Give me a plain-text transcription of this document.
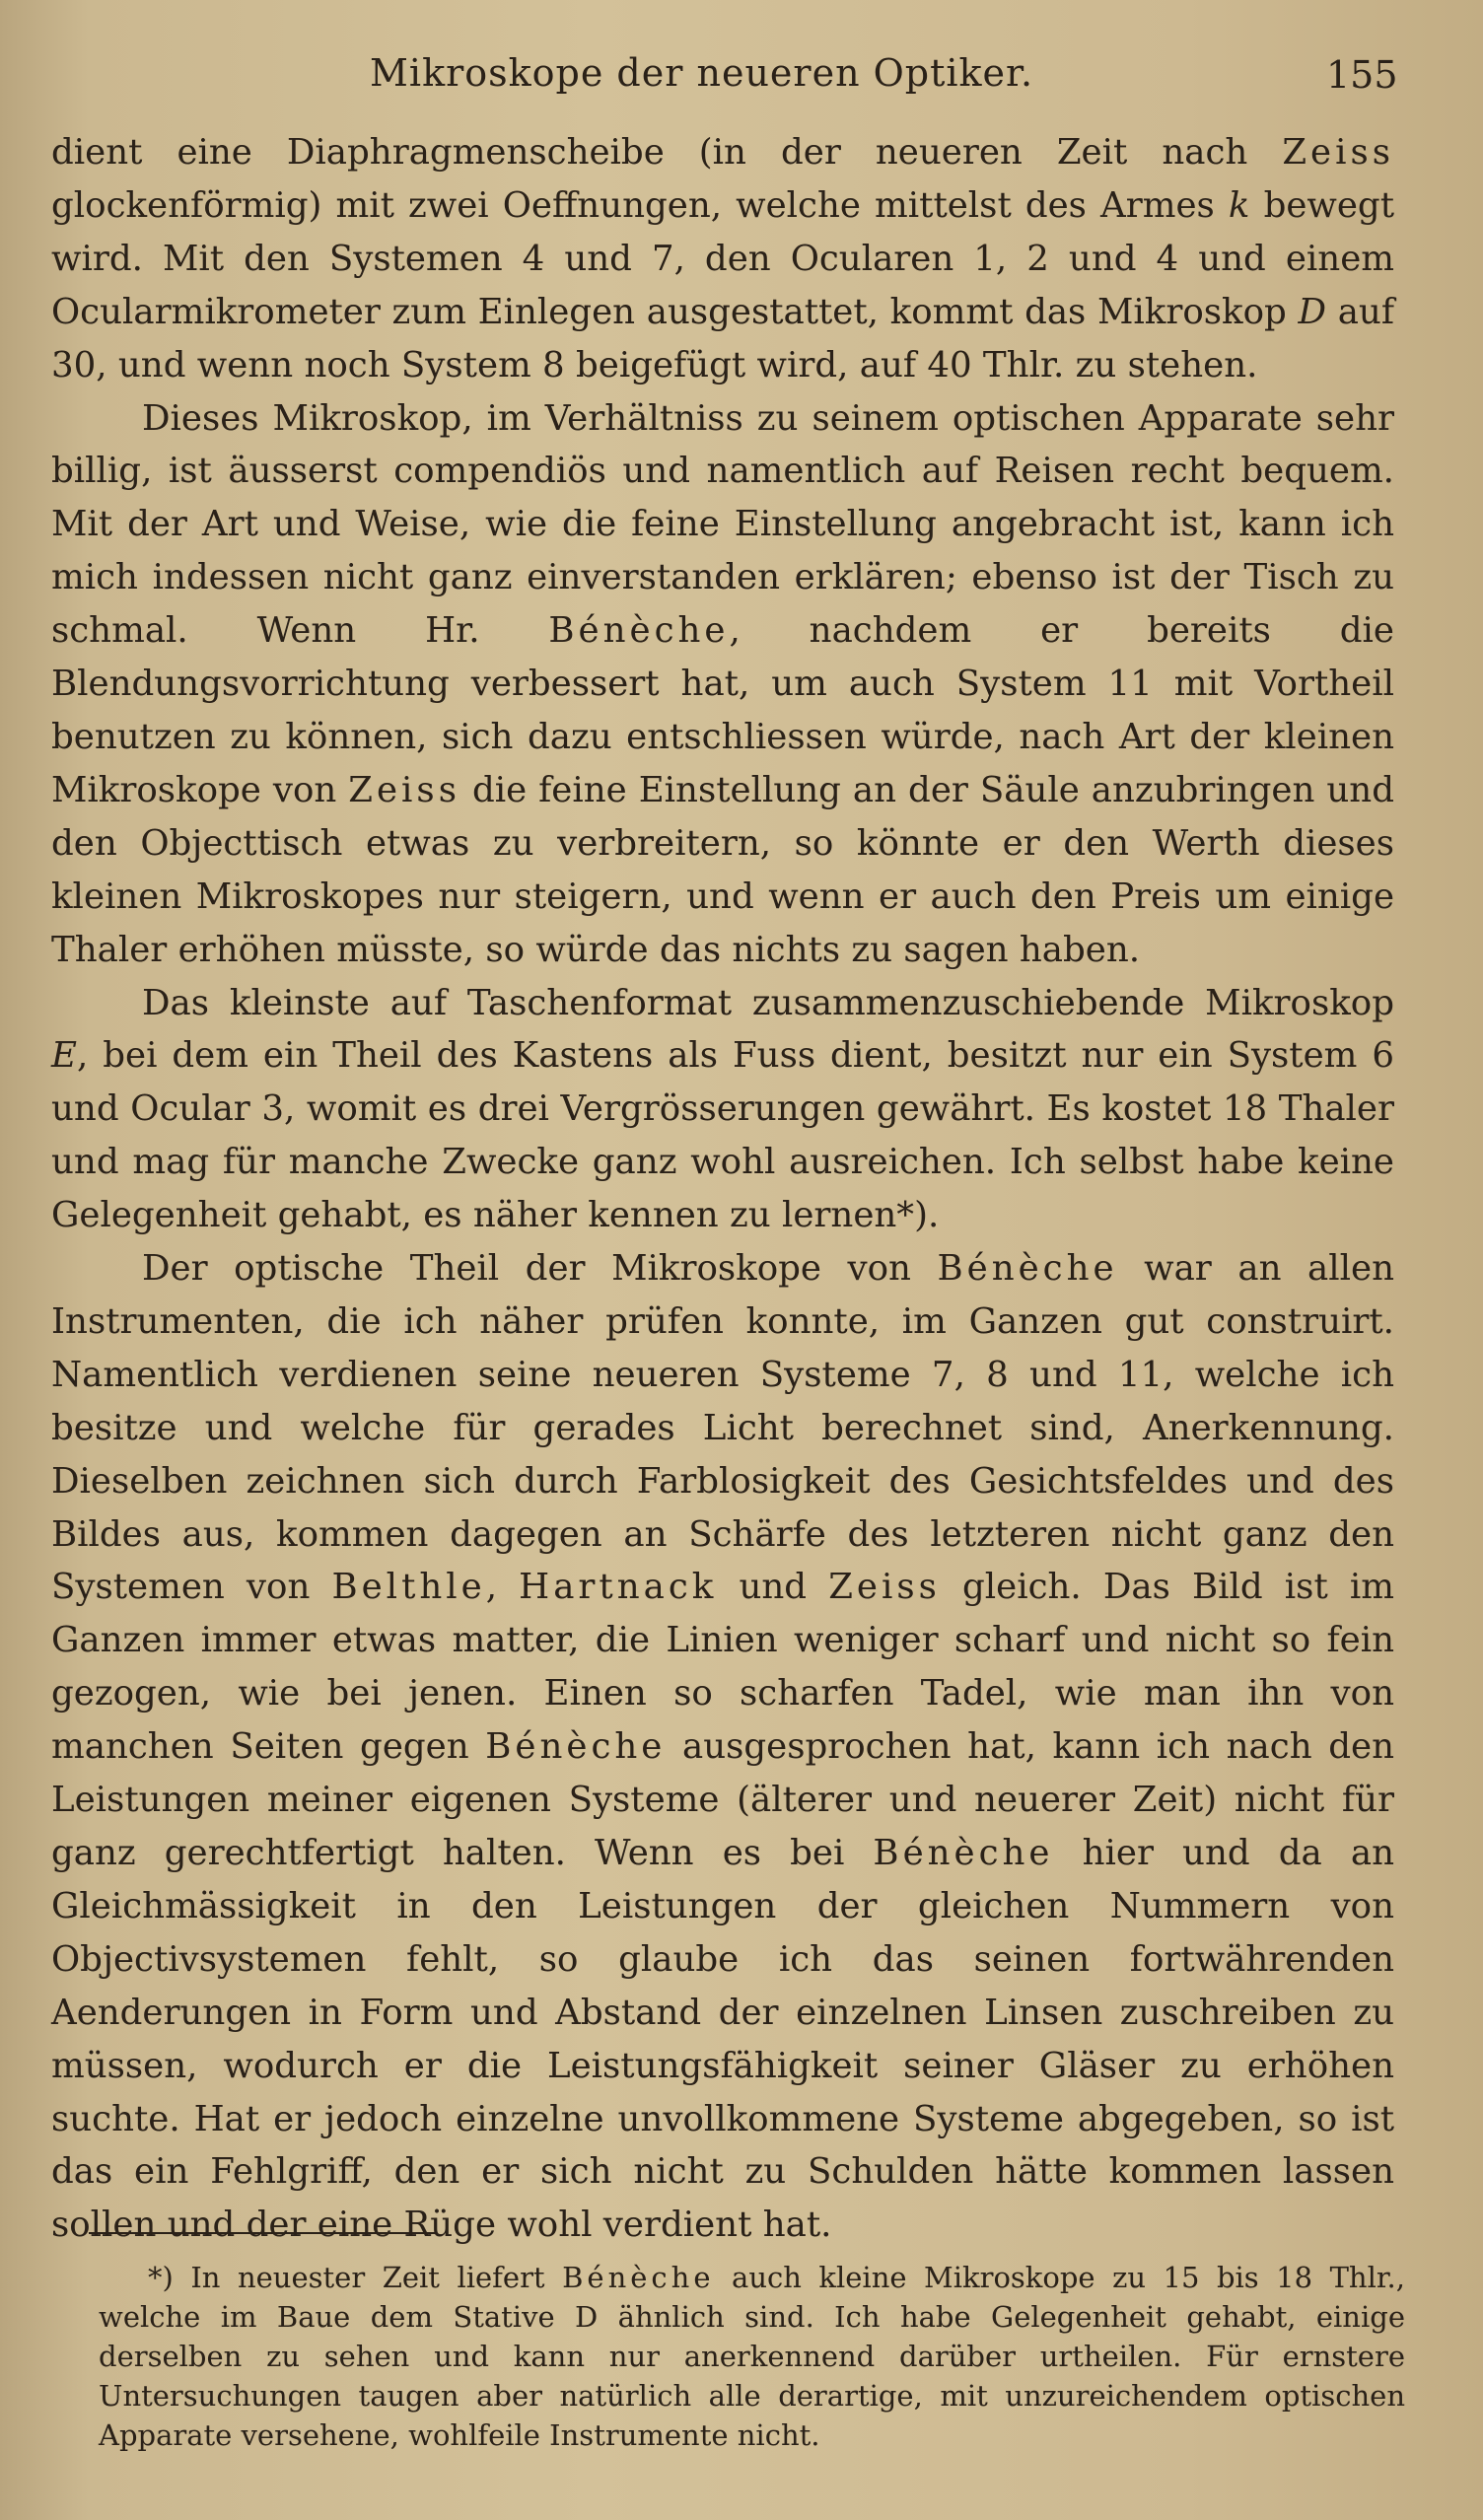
Mikroskope der neueren Optiker.	155

dient eine Diaphragmenscheibe (in der neueren Zeit nach Zeiss glockenförmig) mit zwei Oeffnungen, welche mittelst des Armes k bewegt wird. Mit den Systemen 4 und 7, den Ocularen 1, 2 und 4 und einem Ocularmikrometer zum Einlegen ausgestattet, kommt das Mikroskop D auf 30, und wenn noch System 8 beigefügt wird, auf 40 Thlr. zu stehen.

Dieses Mikroskop, im Verhältniss zu seinem optischen Apparate sehr billig, ist äusserst compendiös und namentlich auf Reisen recht bequem. Mit der Art und Weise, wie die feine Einstellung angebracht ist, kann ich mich indessen nicht ganz einverstanden erklären; ebenso ist der Tisch zu schmal. Wenn Hr. Bénèche, nachdem er bereits die Blendungsvorrichtung verbessert hat, um auch System 11 mit Vortheil benutzen zu können, sich dazu entschliessen würde, nach Art der kleinen Mikroskope von Zeiss die feine Einstellung an der Säule anzubringen und den Objecttisch etwas zu verbreitern, so könnte er den Werth dieses kleinen Mikroskopes nur steigern, und wenn er auch den Preis um einige Thaler erhöhen müsste, so würde das nichts zu sagen haben.

Das kleinste auf Taschenformat zusammenzuschiebende Mikroskop E, bei dem ein Theil des Kastens als Fuss dient, besitzt nur ein System 6 und Ocular 3, womit es drei Vergrösserungen gewährt. Es kostet 18 Thaler und mag für manche Zwecke ganz wohl ausreichen. Ich selbst habe keine Gelegenheit gehabt, es näher kennen zu lernen*).

Der optische Theil der Mikroskope von Bénèche war an allen Instrumenten, die ich näher prüfen konnte, im Ganzen gut construirt. Namentlich verdienen seine neueren Systeme 7, 8 und 11, welche ich besitze und welche für gerades Licht berechnet sind, Anerkennung. Dieselben zeichnen sich durch Farblosigkeit des Gesichtsfeldes und des Bildes aus, kommen dagegen an Schärfe des letzteren nicht ganz den Systemen von Belthle, Hartnack und Zeiss gleich. Das Bild ist im Ganzen immer etwas matter, die Linien weniger scharf und nicht so fein gezogen, wie bei jenen. Einen so scharfen Tadel, wie man ihn von manchen Seiten gegen Bénèche ausgesprochen hat, kann ich nach den Leistungen meiner eigenen Systeme (älterer und neuerer Zeit) nicht für ganz gerechtfertigt halten. Wenn es bei Bénèche hier und da an Gleichmässigkeit in den Leistungen der gleichen Nummern von Objectivsystemen fehlt, so glaube ich das seinen fortwährenden Aenderungen in Form und Abstand der einzelnen Linsen zuschreiben zu müssen, wodurch er die Leistungsfähigkeit seiner Gläser zu erhöhen suchte. Hat er jedoch einzelne unvollkommene Systeme abgegeben, so ist das ein Fehlgriff, den er sich nicht zu Schulden hätte kommen lassen sollen und der eine Rüge wohl verdient hat.

*) In neuester Zeit liefert Bénèche auch kleine Mikroskope zu 15 bis 18 Thlr., welche im Baue dem Stative D ähnlich sind. Ich habe Gelegenheit gehabt, einige derselben zu sehen und kann nur anerkennend darüber urtheilen. Für ernstere Untersuchungen taugen aber natürlich alle derartige, mit unzureichendem optischen Apparate versehene, wohlfeile Instrumente nicht.
